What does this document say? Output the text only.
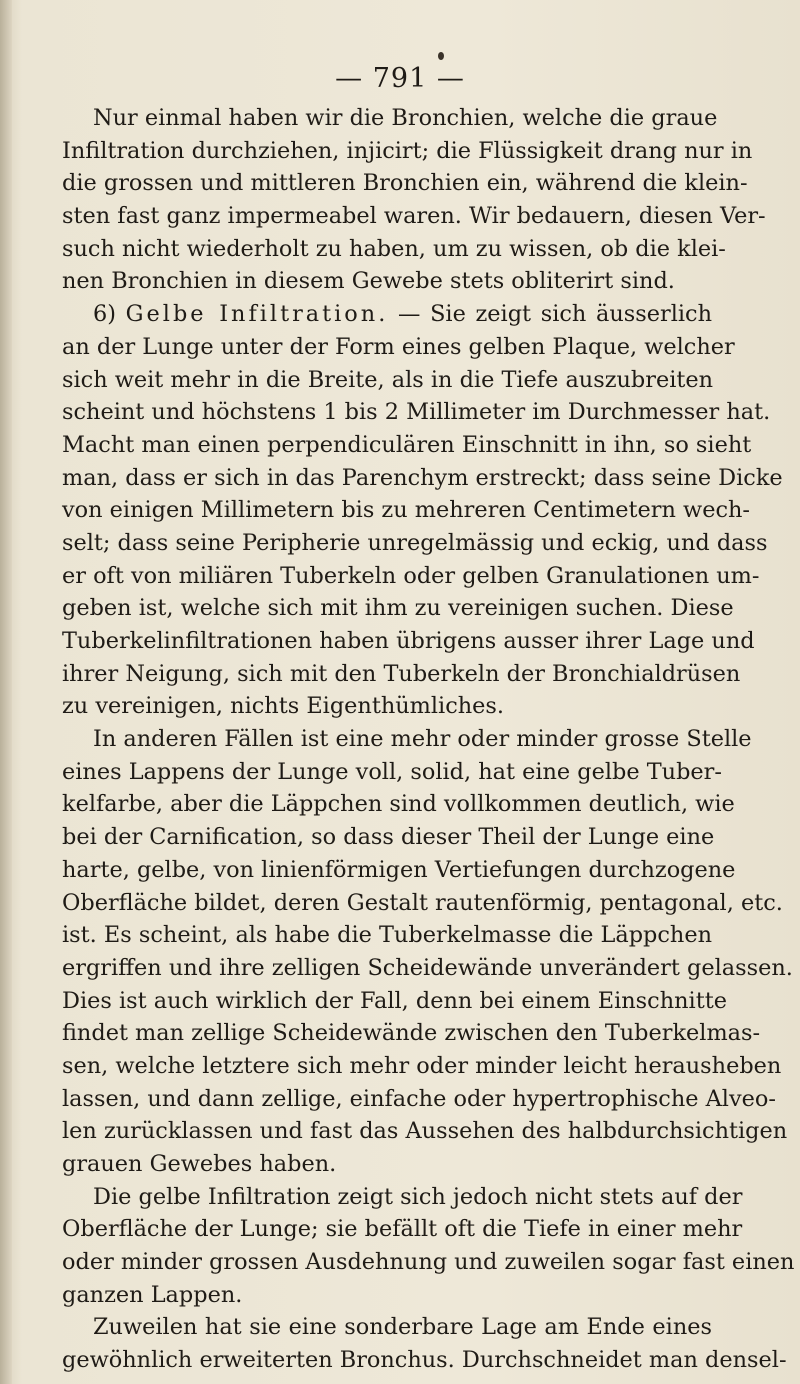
— 791 —
Nur einmal haben wir die Bronchien, welche die graue
Infiltration durchziehen, injicirt; die Flüssigkeit drang nur in
die grossen und mittleren Bronchien ein, während die klein-
sten fast ganz impermeabel waren. Wir bedauern, diesen Ver-
such nicht wiederholt zu haben, um zu wissen, ob die klei-
nen Bronchien in diesem Gewebe stets obliterirt sind.
6) Gelbe Infiltration. — Sie zeigt sich äusserlich
an der Lunge unter der Form eines gelben Plaque, welcher
sich weit mehr in die Breite, als in die Tiefe auszubreiten
scheint und höchstens 1 bis 2 Millimeter im Durchmesser hat.
Macht man einen perpendiculären Einschnitt in ihn, so sieht
man, dass er sich in das Parenchym erstreckt; dass seine Dicke
von einigen Millimetern bis zu mehreren Centimetern wech-
selt; dass seine Peripherie unregelmässig und eckig, und dass
er oft von miliären Tuberkeln oder gelben Granulationen um-
geben ist, welche sich mit ihm zu vereinigen suchen. Diese
Tuberkelinfiltrationen haben übrigens ausser ihrer Lage und
ihrer Neigung, sich mit den Tuberkeln der Bronchialdrüsen
zu vereinigen, nichts Eigenthümliches.
In anderen Fällen ist eine mehr oder minder grosse Stelle
eines Lappens der Lunge voll, solid, hat eine gelbe Tuber-
kelfarbe, aber die Läppchen sind vollkommen deutlich, wie
bei der Carnification, so dass dieser Theil der Lunge eine
harte, gelbe, von linienförmigen Vertiefungen durchzogene
Oberfläche bildet, deren Gestalt rautenförmig, pentagonal, etc.
ist. Es scheint, als habe die Tuberkelmasse die Läppchen
ergriffen und ihre zelligen Scheidewände unverändert gelassen.
Dies ist auch wirklich der Fall, denn bei einem Einschnitte
findet man zellige Scheidewände zwischen den Tuberkelmas-
sen, welche letztere sich mehr oder minder leicht herausheben
lassen, und dann zellige, einfache oder hypertrophische Alveo-
len zurücklassen und fast das Aussehen des halbdurchsichtigen
grauen Gewebes haben.
Die gelbe Infiltration zeigt sich jedoch nicht stets auf der
Oberfläche der Lunge; sie befällt oft die Tiefe in einer mehr
oder minder grossen Ausdehnung und zuweilen sogar fast einen
ganzen Lappen.
Zuweilen hat sie eine sonderbare Lage am Ende eines
gewöhnlich erweiterten Bronchus. Durchschneidet man densel-
